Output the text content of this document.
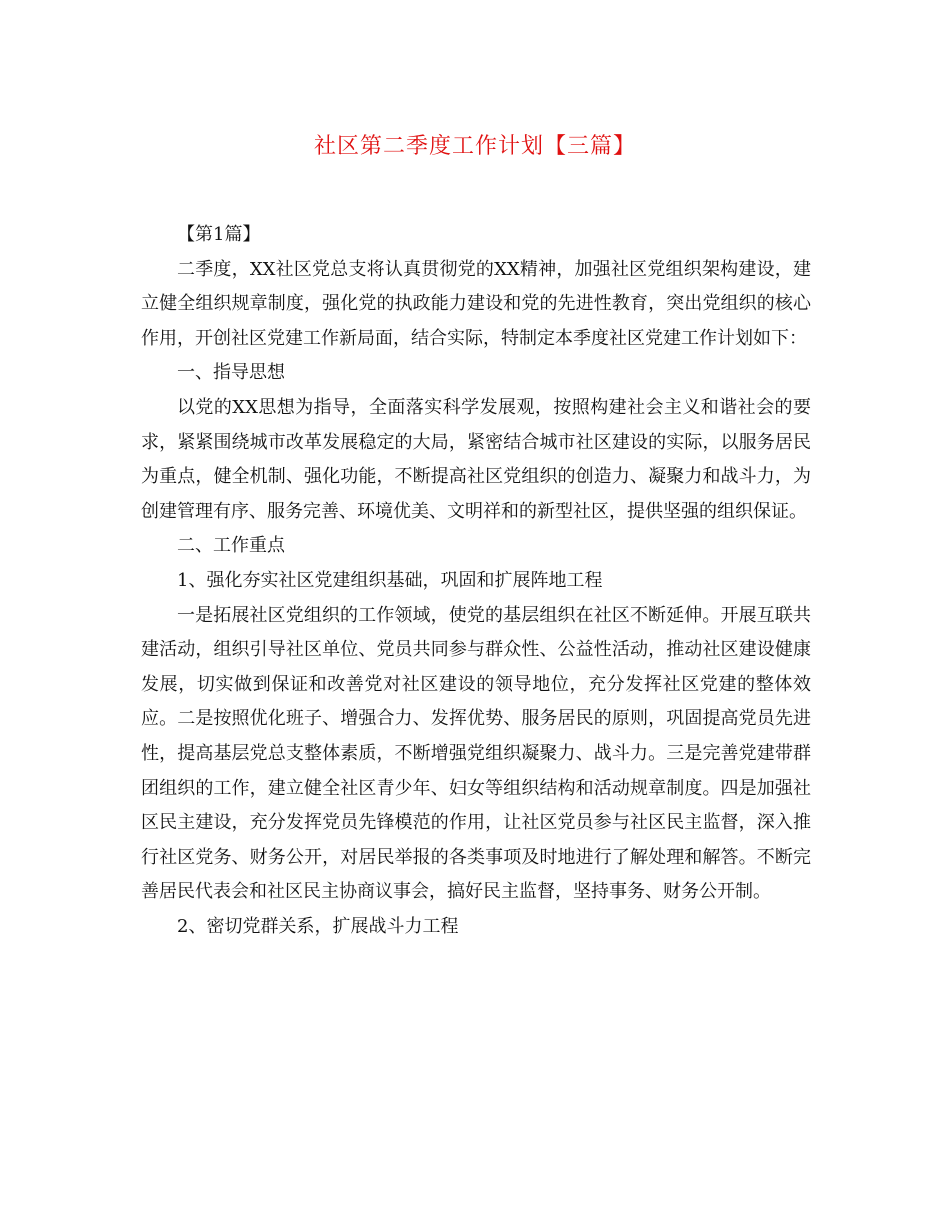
社区第二季度工作计划【三篇】

【第1篇】

二季度，XX社区党总支将认真贯彻党的XX精神，加强社区党组织架构建设，建立健全组织规章制度，强化党的执政能力建设和党的先进性教育，突出党组织的核心作用，开创社区党建工作新局面，结合实际，特制定本季度社区党建工作计划如下：

一、指导思想

以党的XX思想为指导，全面落实科学发展观，按照构建社会主义和谐社会的要求，紧紧围绕城市改革发展稳定的大局，紧密结合城市社区建设的实际，以服务居民为重点，健全机制、强化功能，不断提高社区党组织的创造力、凝聚力和战斗力，为创建管理有序、服务完善、环境优美、文明祥和的新型社区，提供坚强的组织保证。

二、工作重点

1、强化夯实社区党建组织基础，巩固和扩展阵地工程

一是拓展社区党组织的工作领域，使党的基层组织在社区不断延伸。开展互联共建活动，组织引导社区单位、党员共同参与群众性、公益性活动，推动社区建设健康发展，切实做到保证和改善党对社区建设的领导地位，充分发挥社区党建的整体效应。二是按照优化班子、增强合力、发挥优势、服务居民的原则，巩固提高党员先进性，提高基层党总支整体素质，不断增强党组织凝聚力、战斗力。三是完善党建带群团组织的工作，建立健全社区青少年、妇女等组织结构和活动规章制度。四是加强社区民主建设，充分发挥党员先锋模范的作用，让社区党员参与社区民主监督，深入推行社区党务、财务公开，对居民举报的各类事项及时地进行了解处理和解答。不断完善居民代表会和社区民主协商议事会，搞好民主监督，坚持事务、财务公开制。

2、密切党群关系，扩展战斗力工程
